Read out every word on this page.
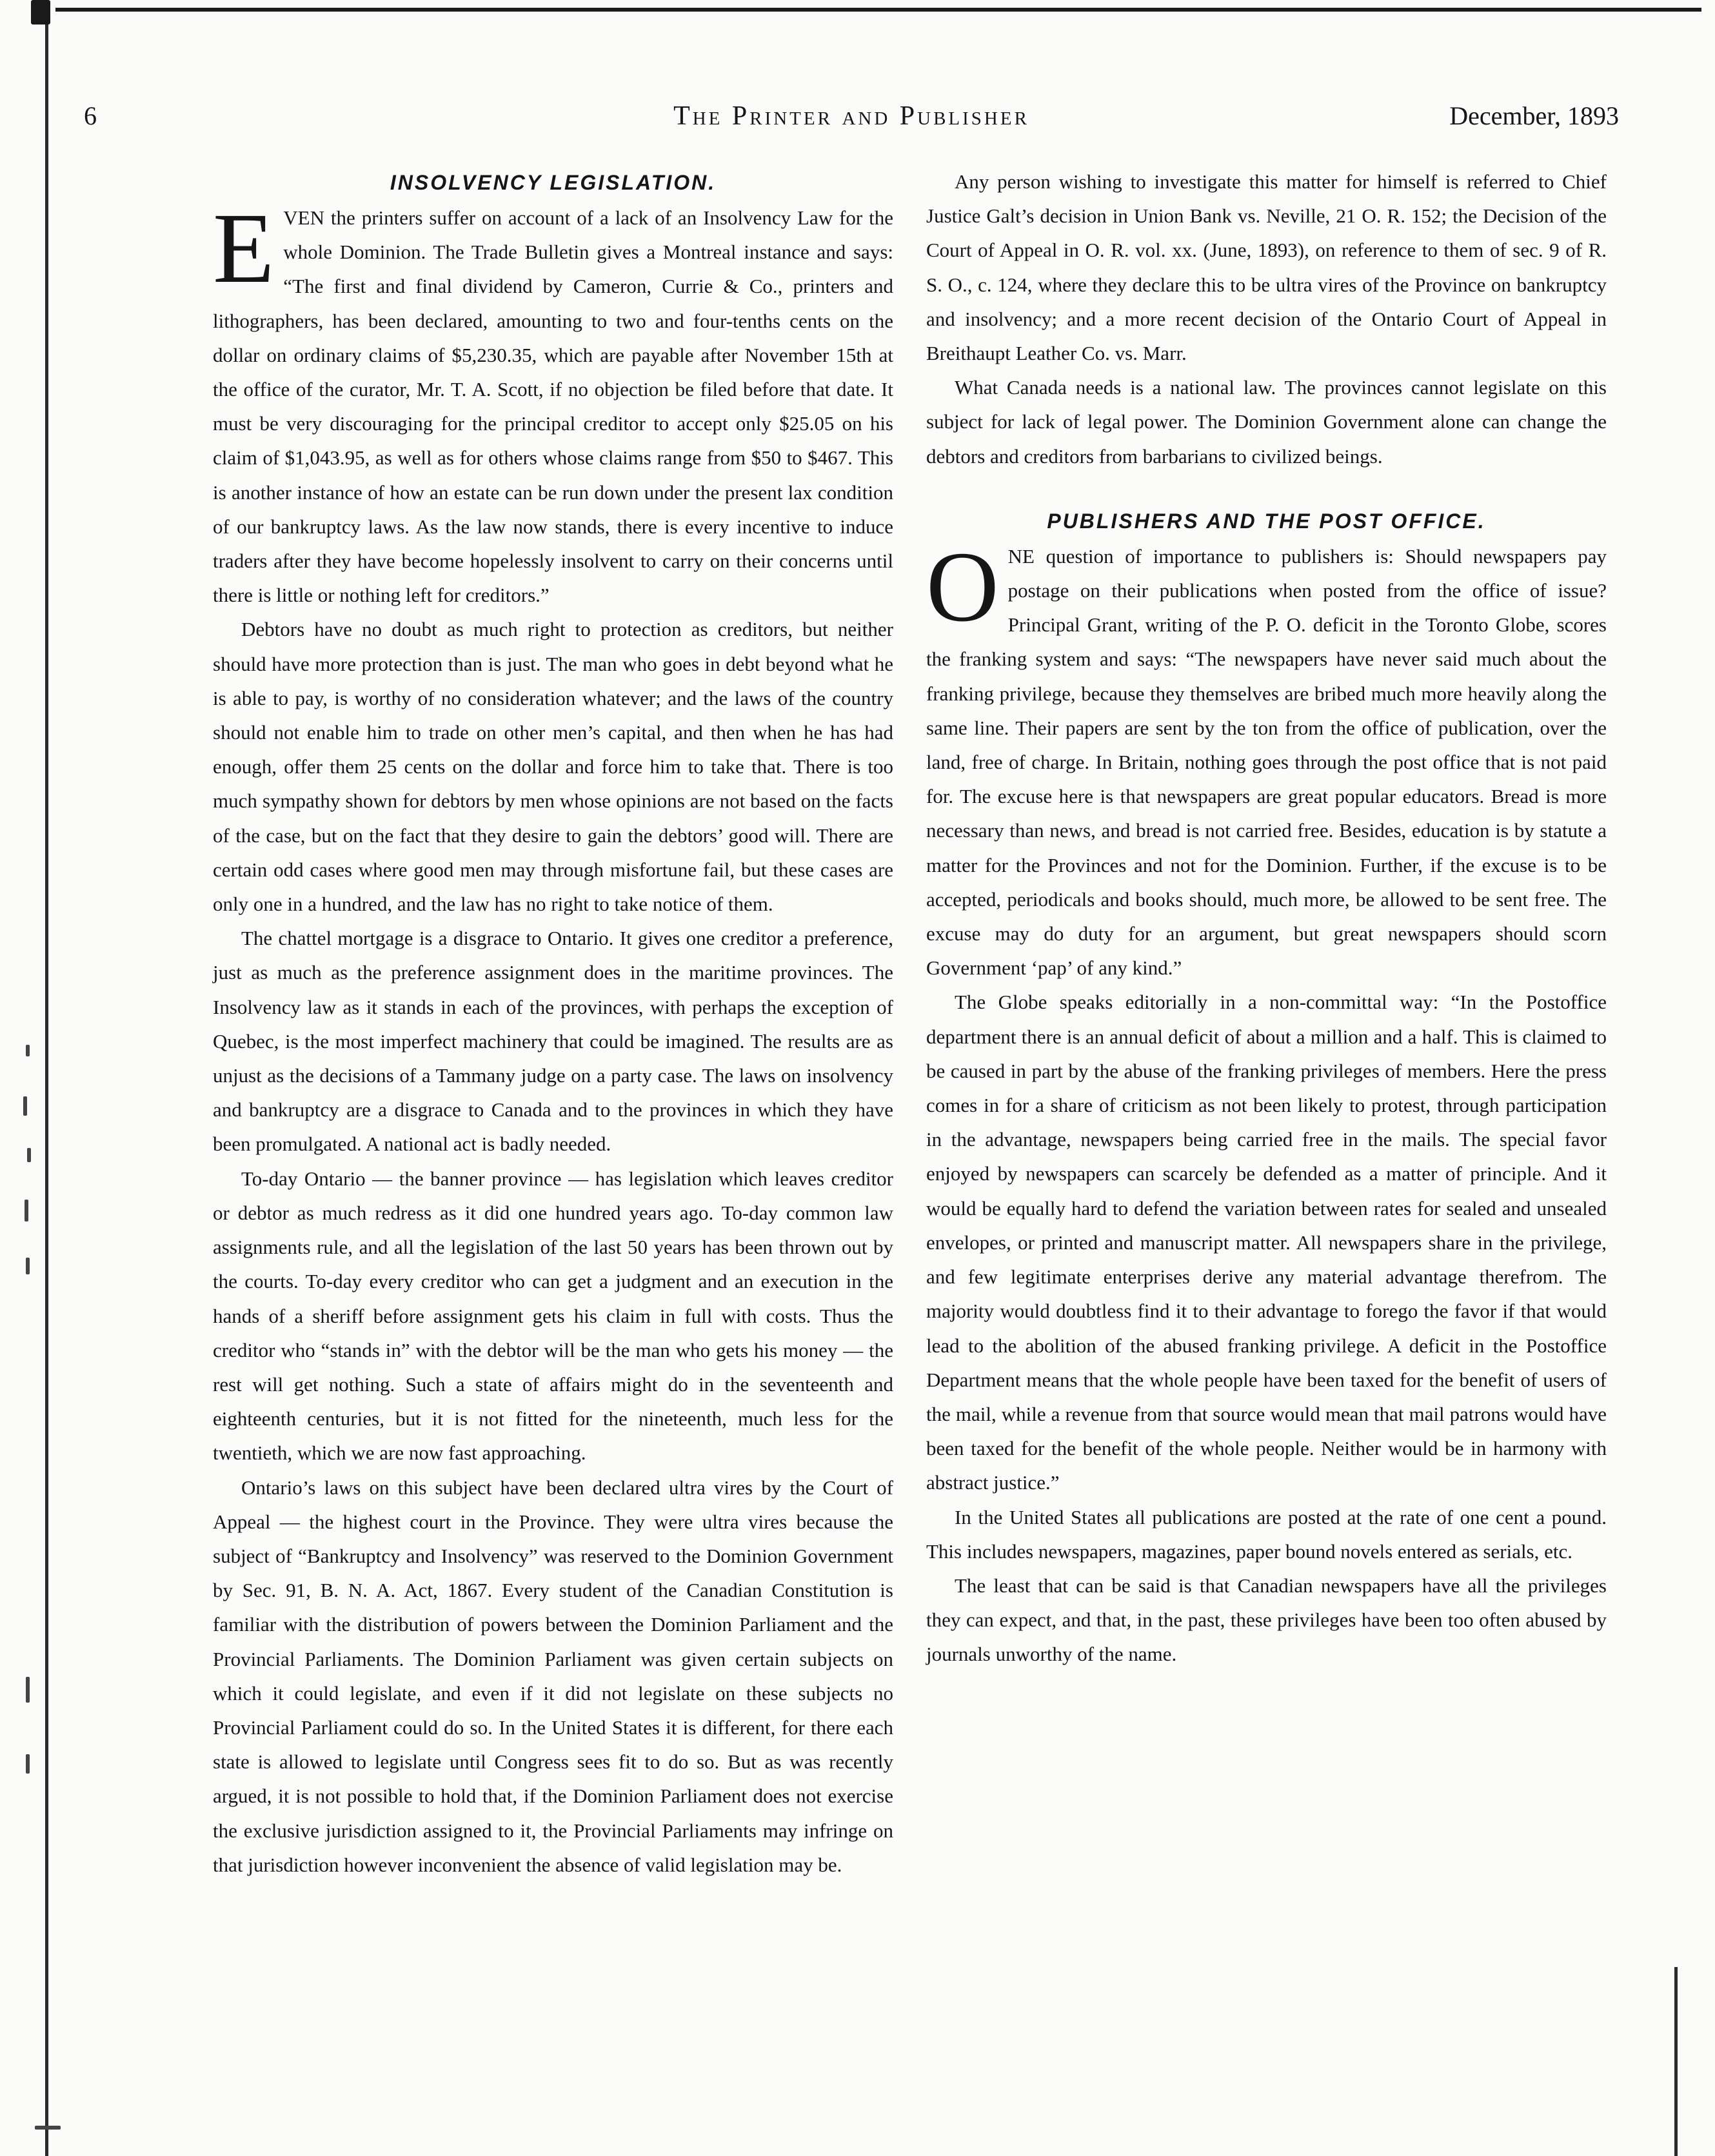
6	The Printer and Publisher	December, 1893
INSOLVENCY LEGISLATION.

EVEN the printers suffer on account of a lack of an Insolvency Law for the whole Dominion. The Trade Bulletin gives a Montreal instance and says: “The first and final dividend by Cameron, Currie & Co., printers and lithographers, has been declared, amounting to two and four-tenths cents on the dollar on ordinary claims of $5,230.35, which are payable after November 15th at the office of the curator, Mr. T. A. Scott, if no objection be filed before that date. It must be very discouraging for the principal creditor to accept only $25.05 on his claim of $1,043.95, as well as for others whose claims range from $50 to $467. This is another instance of how an estate can be run down under the present lax condition of our bankruptcy laws. As the law now stands, there is every incentive to induce traders after they have become hopelessly insolvent to carry on their concerns until there is little or nothing left for creditors.”

Debtors have no doubt as much right to protection as creditors, but neither should have more protection than is just. The man who goes in debt beyond what he is able to pay, is worthy of no consideration whatever; and the laws of the country should not enable him to trade on other men’s capital, and then when he has had enough, offer them 25 cents on the dollar and force him to take that. There is too much sympathy shown for debtors by men whose opinions are not based on the facts of the case, but on the fact that they desire to gain the debtors’ good will. There are certain odd cases where good men may through misfortune fail, but these cases are only one in a hundred, and the law has no right to take notice of them.

The chattel mortgage is a disgrace to Ontario. It gives one creditor a preference, just as much as the preference assignment does in the maritime provinces. The Insolvency law as it stands in each of the provinces, with perhaps the exception of Quebec, is the most imperfect machinery that could be imagined. The results are as unjust as the decisions of a Tammany judge on a party case. The laws on insolvency and bankruptcy are a disgrace to Canada and to the provinces in which they have been promulgated. A national act is badly needed.

To-day Ontario — the banner province — has legislation which leaves creditor or debtor as much redress as it did one hundred years ago. To-day common law assignments rule, and all the legislation of the last 50 years has been thrown out by the courts. To-day every creditor who can get a judgment and an execution in the hands of a sheriff before assignment gets his claim in full with costs. Thus the creditor who “stands in” with the debtor will be the man who gets his money — the rest will get nothing. Such a state of affairs might do in the seventeenth and eighteenth centuries, but it is not fitted for the nineteenth, much less for the twentieth, which we are now fast approaching.

Ontario’s laws on this subject have been declared ultra vires by the Court of Appeal — the highest court in the Province. They were ultra vires because the subject of “Bankruptcy and Insolvency” was reserved to the Dominion Government by Sec. 91, B. N. A. Act, 1867. Every student of the Canadian Constitution is familiar with the distribution of powers between the Dominion Parliament and the Provincial Parliaments. The Dominion Parliament was given certain subjects on which it could legislate, and even if it did not legislate on these subjects no Provincial Parliament could do so. In the United States it is different, for there each state is allowed to legislate until Congress sees fit to do so. But as was recently argued, it is not possible to hold that, if the Dominion Parliament does not exercise the exclusive jurisdiction assigned to it, the Provincial Parliaments may infringe on that jurisdiction however inconvenient the absence of valid legislation may be.

Any person wishing to investigate this matter for himself is referred to Chief Justice Galt’s decision in Union Bank vs. Neville, 21 O. R. 152; the Decision of the Court of Appeal in O. R. vol. xx. (June, 1893), on reference to them of sec. 9 of R. S. O., c. 124, where they declare this to be ultra vires of the Province on bankruptcy and insolvency; and a more recent decision of the Ontario Court of Appeal in Breithaupt Leather Co. vs. Marr.

What Canada needs is a national law. The provinces cannot legislate on this subject for lack of legal power. The Dominion Government alone can change the debtors and creditors from barbarians to civilized beings.

PUBLISHERS AND THE POST OFFICE.

ONE question of importance to publishers is: Should newspapers pay postage on their publications when posted from the office of issue? Principal Grant, writing of the P. O. deficit in the Toronto Globe, scores the franking system and says: “The newspapers have never said much about the franking privilege, because they themselves are bribed much more heavily along the same line. Their papers are sent by the ton from the office of publication, over the land, free of charge. In Britain, nothing goes through the post office that is not paid for. The excuse here is that newspapers are great popular educators. Bread is more necessary than news, and bread is not carried free. Besides, education is by statute a matter for the Provinces and not for the Dominion. Further, if the excuse is to be accepted, periodicals and books should, much more, be allowed to be sent free. The excuse may do duty for an argument, but great newspapers should scorn Government ‘pap’ of any kind.”

The Globe speaks editorially in a non-committal way: “In the Postoffice department there is an annual deficit of about a million and a half. This is claimed to be caused in part by the abuse of the franking privileges of members. Here the press comes in for a share of criticism as not been likely to protest, through participation in the advantage, newspapers being carried free in the mails. The special favor enjoyed by newspapers can scarcely be defended as a matter of principle. And it would be equally hard to defend the variation between rates for sealed and unsealed envelopes, or printed and manuscript matter. All newspapers share in the privilege, and few legitimate enterprises derive any material advantage therefrom. The majority would doubtless find it to their advantage to forego the favor if that would lead to the abolition of the abused franking privilege. A deficit in the Postoffice Department means that the whole people have been taxed for the benefit of users of the mail, while a revenue from that source would mean that mail patrons would have been taxed for the benefit of the whole people. Neither would be in harmony with abstract justice.”

In the United States all publications are posted at the rate of one cent a pound. This includes newspapers, magazines, paper bound novels entered as serials, etc.

The least that can be said is that Canadian newspapers have all the privileges they can expect, and that, in the past, these privileges have been too often abused by journals unworthy of the name.
